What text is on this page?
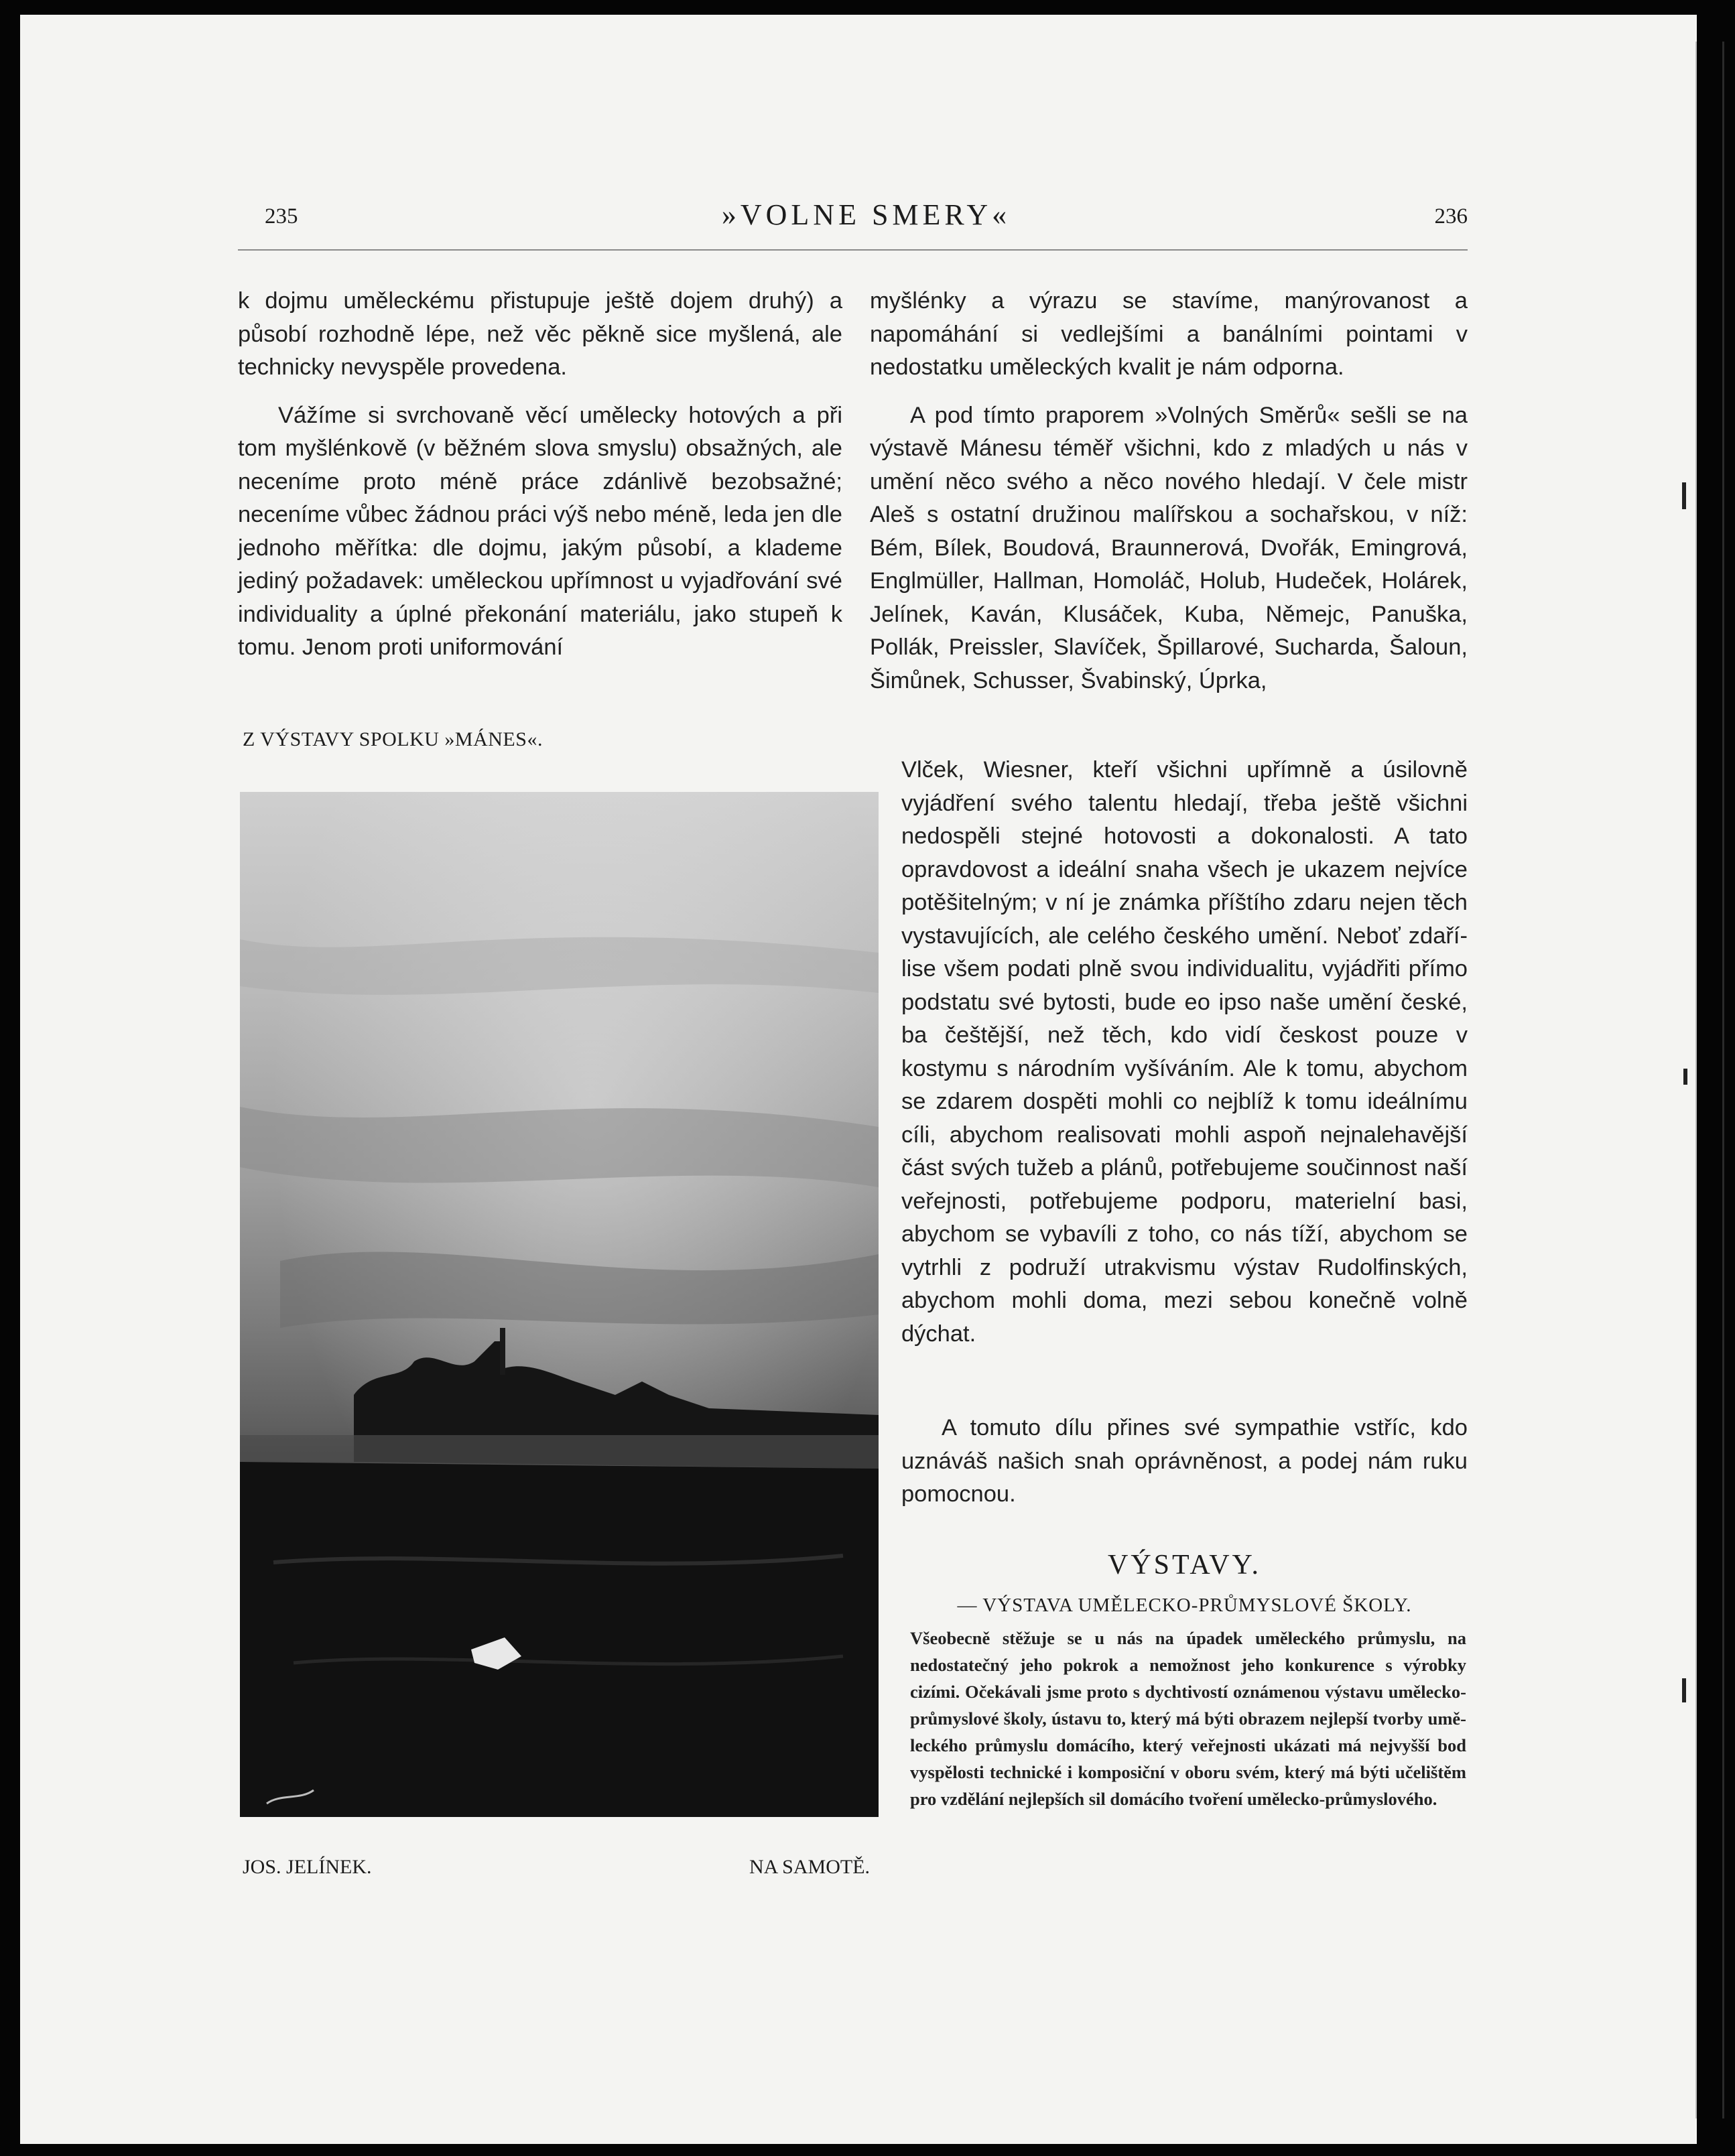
235	»VOLNE SMERY«	236

k dojmu uměleckému přistupuje ještě dojem druhý) a působí rozhodně lépe, než věc pěkně sice myšlená, ale technicky nevyspěle provedena.

Vážíme si svrchovaně věcí umělecky hotových a při tom myšlénkově (v běžném slova smyslu) obsažných, ale neceníme proto méně práce zdánlivě bezobsažné; neceníme vůbec žádnou práci výš nebo méně, leda jen dle jednoho měřítka: dle dojmu, jakým působí, a klademe jediný požadavek: uměleckou upřímnost u vyjadřování své individuality a úplné překonání materiálu, jako stupeň k tomu. Jenom proti uniformování

Z VÝSTAVY SPOLKU »MÁNES«.
JOS. JELÍNEK.	NA SAMOTĚ.

myšlénky a výrazu se stavíme, manýrovanost a napomáhání si vedlejšími a banálními pointami v nedostatku uměleckých kvalit je nám odporna.

A pod tímto praporem »Volných Směrů« sešli se na výstavě Mánesu téměř všichni, kdo z mladých u nás v umění něco svého a něco nového hledají. V čele mistr Aleš s ostatní družinou malířskou a sochařskou, v níž: Bém, Bílek, Boudová, Braunnerová, Dvořák, Emingrová, Englmüller, Hallman, Homoláč, Holub, Hudeček, Holárek, Jelínek, Kaván, Klusáček, Kuba, Němejc, Panuška, Pollák, Preissler, Slavíček, Špillarové, Sucharda, Šaloun, Šimůnek, Schusser, Švabinský, Úprka,

Vlček, Wiesner, kteří všichni upřímně a úsilovně vyjádření svého talentu hledají, třeba ještě všichni nedospěli stejné hotovosti a dokonalosti. A tato opravdovost a ideální snaha všech je ukazem nejvíce potěšitelným; v ní je známka příštího zdaru nejen těch vystavujících, ale celého českého umění. Neboť zdaří-lise všem podati plně svou individualitu, vyjádřiti přímo podstatu své bytosti, bude eo ipso naše umění české, ba češtější, než těch, kdo vidí českost pouze v kostymu s národním vyšíváním. Ale k tomu, abychom se zdarem dospěti mohli co nejblíž k tomu ideálnímu cíli, abychom realisovati mohli aspoň nejnalehavější část svých tužeb a plánů, potřebujeme součinnost naší veřejnosti, potřebujeme podporu, materielní basi, abychom se vybavíli z toho, co nás tíží, abychom se vytrhli z podruží utrakvismu výstav Rudolfinských, abychom mohli doma, mezi sebou konečně volně dýchat.

A tomuto dílu přines své sympathie vstříc, kdo uznáváš našich snah oprávněnost, a podej nám ruku pomocnou.

VÝSTAVY.
— VÝSTAVA UMĚLECKO-PRŮMYSLOVÉ ŠKOLY.

Všeobecně stěžuje se u nás na úpadek uměleckého průmyslu, na nedostatečný jeho pokrok a nemožnost jeho konkurence s výrobky cizími. Očekávali jsme proto s dychtivostí oznámenou výstavu umělecko-průmyslové školy, ústavu to, který má býti obrazem nejlepší tvorby uměleckého průmyslu domácího, který veřejnosti ukázati má nejvyšší bod vyspělosti technické i komposiční v oboru svém, který má býti učelištěm pro vzdělání nejlepších sil domácího tvoření umělecko-průmyslového.
